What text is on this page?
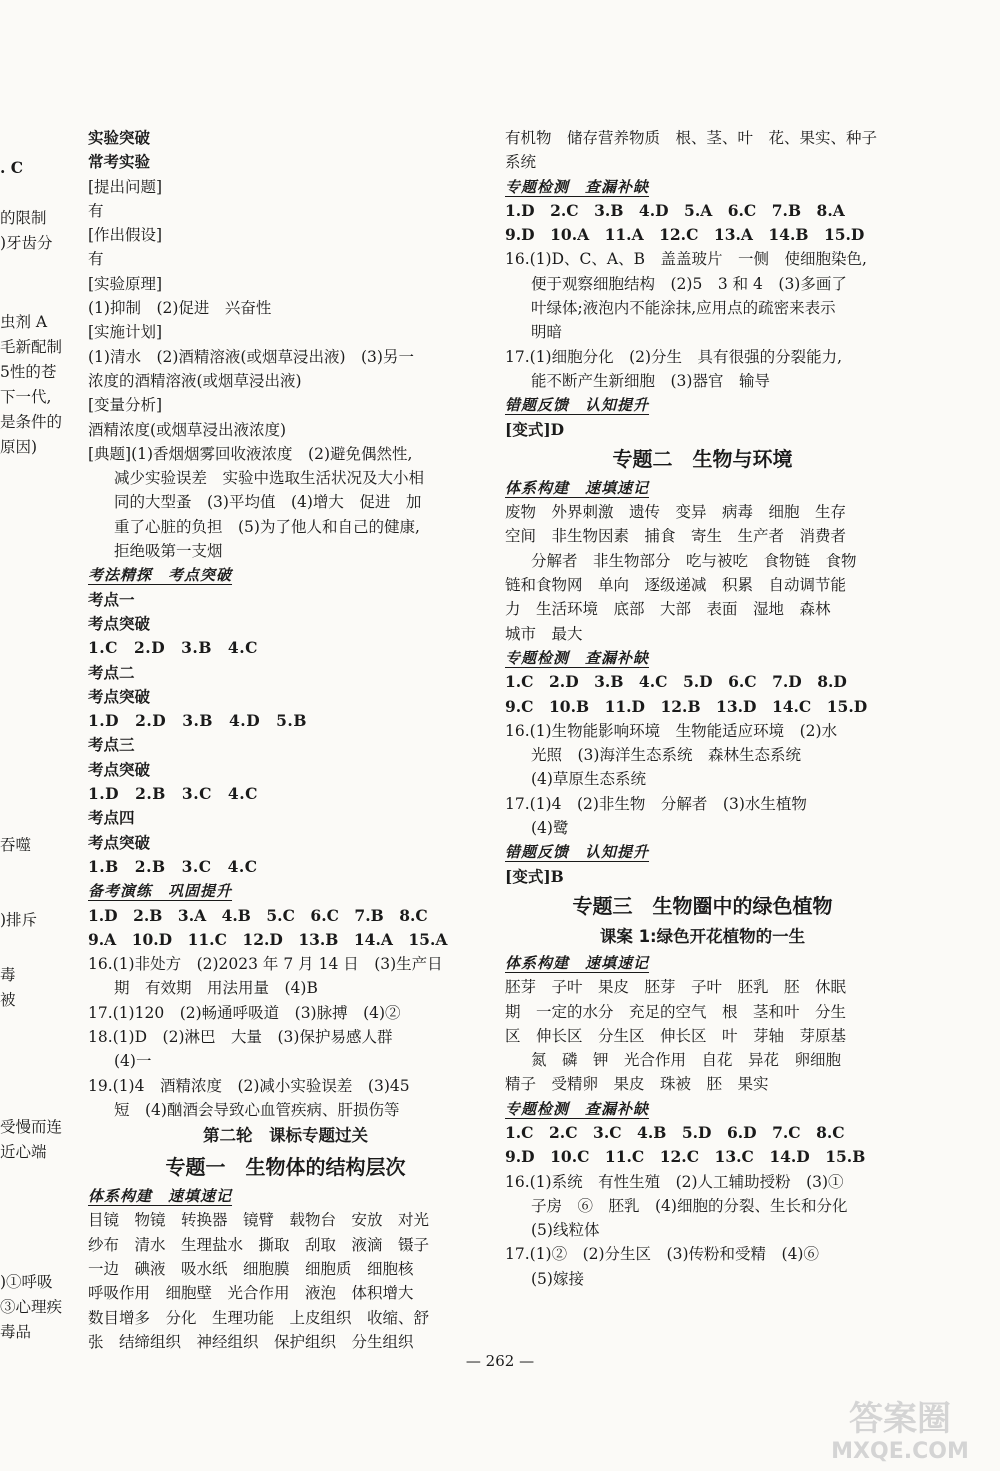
. C
的限制
)牙齿分
虫剂 A
毛新配制
5性的苍
下一代,
是条件的
原因)
吞噬
)排斥
毒
被
受慢而连
近心端
)①呼吸
③心理疾
毒品
实验突破
常考实验
[提出问题]
有
[作出假设]
有
[实验原理]
(1)抑制　(2)促进　兴奋性
[实施计划]
(1)清水　(2)酒精溶液(或烟草浸出液)　(3)另一
浓度的酒精溶液(或烟草浸出液)
[变量分析]
酒精浓度(或烟草浸出液浓度)
[典题](1)香烟烟雾回收液浓度　(2)避免偶然性,
减少实验误差　实验中选取生活状况及大小相
同的大型蚤　(3)平均值　(4)增大　促进　加
重了心脏的负担　(5)为了他人和自己的健康,
拒绝吸第一支烟
考法精探　考点突破
考点一
考点突破
1.C　2.D　3.B　4.C
考点二
考点突破
1.D　2.D　3.B　4.D　5.B
考点三
考点突破
1.D　2.B　3.C　4.C
考点四
考点突破
1.B　2.B　3.C　4.C
备考演练　巩固提升
1.D　2.B　3.A　4.B　5.C　6.C　7.B　8.C
9.A　10.D　11.C　12.D　13.B　14.A　15.A
16.(1)非处方　(2)2023 年 7 月 14 日　(3)生产日
期　有效期　用法用量　(4)B
17.(1)120　(2)畅通呼吸道　(3)脉搏　(4)②
18.(1)D　(2)淋巴　大量　(3)保护易感人群
(4)一
19.(1)4　酒精浓度　(2)减小实验误差　(3)45
短　(4)酗酒会导致心血管疾病、肝损伤等
第二轮　课标专题过关
专题一　生物体的结构层次
体系构建　速填速记
目镜　物镜　转换器　镜臂　载物台　安放　对光
纱布　清水　生理盐水　撕取　刮取　液滴　镊子
一边　碘液　吸水纸　细胞膜　细胞质　细胞核
呼吸作用　细胞壁　光合作用　液泡　体积增大
数目增多　分化　生理功能　上皮组织　收缩、舒
张　结缔组织　神经组织　保护组织　分生组织
有机物　储存营养物质　根、茎、叶　花、果实、种子
系统
专题检测　查漏补缺
1.D　2.C　3.B　4.D　5.A　6.C　7.B　8.A
9.D　10.A　11.A　12.C　13.A　14.B　15.D
16.(1)D、C、A、B　盖盖玻片　一侧　使细胞染色,
便于观察细胞结构　(2)5　3 和 4　(3)多画了
叶绿体;液泡内不能涂抹,应用点的疏密来表示
明暗
17.(1)细胞分化　(2)分生　具有很强的分裂能力,
能不断产生新细胞　(3)器官　输导
错题反馈　认知提升
[变式]D
专题二　生物与环境
体系构建　速填速记
废物　外界刺激　遗传　变异　病毒　细胞　生存
空间　非生物因素　捕食　寄生　生产者　消费者
分解者　非生物部分　吃与被吃　食物链　食物
链和食物网　单向　逐级递减　积累　自动调节能
力　生活环境　底部　大部　表面　湿地　森林
城市　最大
专题检测　查漏补缺
1.C　2.D　3.B　4.C　5.D　6.C　7.D　8.D
9.C　10.B　11.D　12.B　13.D　14.C　15.D
16.(1)生物能影响环境　生物能适应环境　(2)水
光照　(3)海洋生态系统　森林生态系统
(4)草原生态系统
17.(1)4　(2)非生物　分解者　(3)水生植物
(4)鹭
错题反馈　认知提升
[变式]B
专题三　生物圈中的绿色植物
课案 1:绿色开花植物的一生
体系构建　速填速记
胚芽　子叶　果皮　胚芽　子叶　胚乳　胚　休眠
期　一定的水分　充足的空气　根　茎和叶　分生
区　伸长区　分生区　伸长区　叶　芽轴　芽原基
氮　磷　钾　光合作用　自花　异花　卵细胞
精子　受精卵　果皮　珠被　胚　果实
专题检测　查漏补缺
1.C　2.C　3.C　4.B　5.D　6.D　7.C　8.C
9.D　10.C　11.C　12.C　13.C　14.D　15.B
16.(1)系统　有性生殖　(2)人工辅助授粉　(3)①
子房　⑥　胚乳　(4)细胞的分裂、生长和分化
(5)线粒体
17.(1)②　(2)分生区　(3)传粉和受精　(4)⑥
(5)嫁接
— 262 —
答案圈
MXQE.COM
